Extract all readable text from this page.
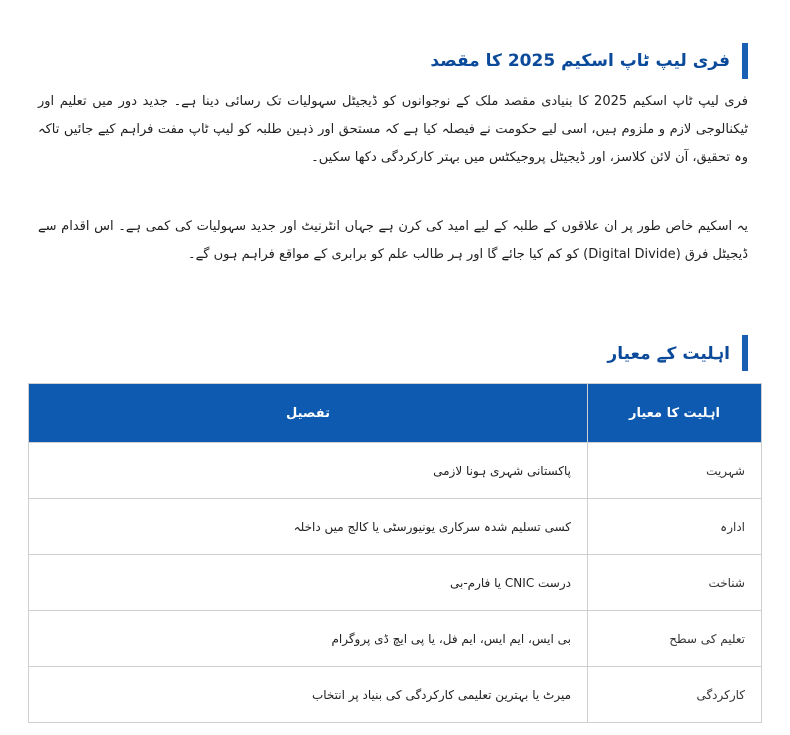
فری لیپ ٹاپ اسکیم 2025 کا مقصد

فری لیپ ٹاپ اسکیم 2025 کا بنیادی مقصد ملک کے نوجوانوں کو ڈیجیٹل سہولیات تک رسائی دینا ہے۔ جدید دور میں تعلیم اور ٹیکنالوجی لازم و ملزوم ہیں، اسی لیے حکومت نے فیصلہ کیا ہے کہ مستحق اور ذہین طلبہ کو لیپ ٹاپ مفت فراہم کیے جائیں تاکہ وہ تحقیق، آن لائن کلاسز، اور ڈیجیٹل پروجیکٹس میں بہتر کارکردگی دکھا سکیں۔

یہ اسکیم خاص طور پر ان علاقوں کے طلبہ کے لیے امید کی کرن ہے جہاں انٹرنیٹ اور جدید سہولیات کی کمی ہے۔ اس اقدام سے ڈیجیٹل فرق (Digital Divide) کو کم کیا جائے گا اور ہر طالب علم کو برابری کے مواقع فراہم ہوں گے۔

اہلیت کے معیار
اہلیت کا معیار	تفصیل
شہریت	پاکستانی شہری ہونا لازمی
ادارہ	کسی تسلیم شدہ سرکاری یونیورسٹی یا کالج میں داخلہ
شناخت	درست CNIC یا فارم-بی
تعلیم کی سطح	بی ایس، ایم ایس، ایم فل، یا پی ایچ ڈی پروگرام
کارکردگی	میرٹ یا بہترین تعلیمی کارکردگی کی بنیاد پر انتخاب
